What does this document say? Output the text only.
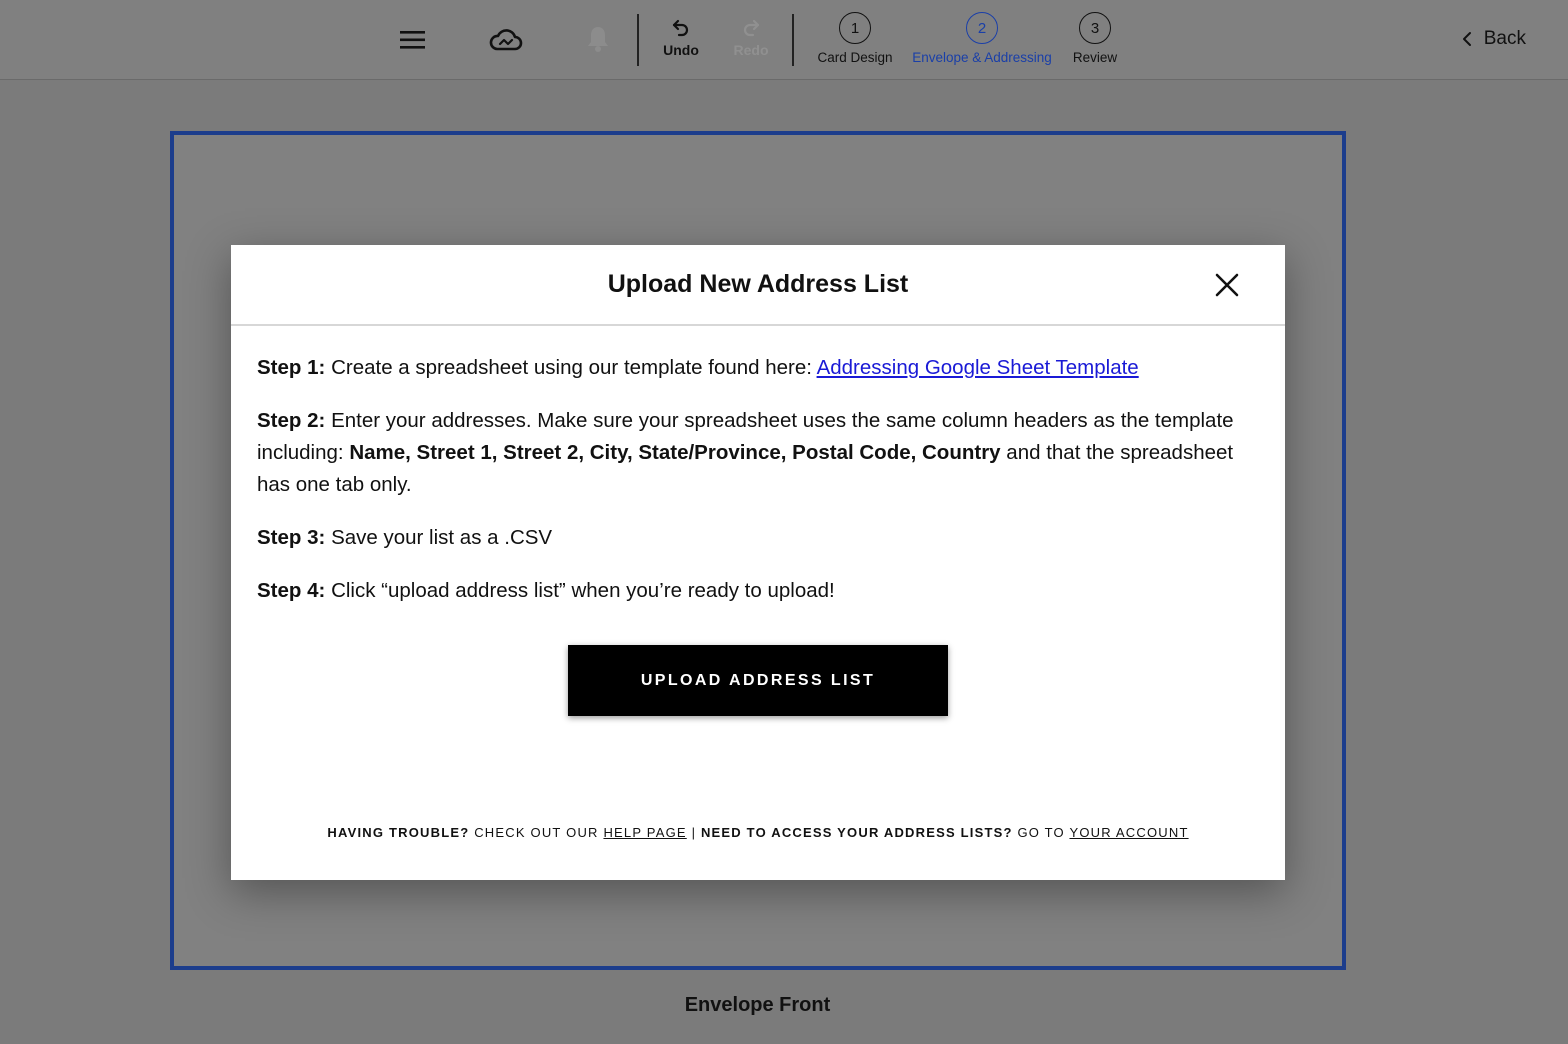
Undo Redo
1
Card Design
2
Envelope & Addressing
3
Review
Back
Envelope Front
Upload New Address List

Step 1: Create a spreadsheet using our template found here: Addressing Google Sheet Template

Step 2: Enter your addresses. Make sure your spreadsheet uses the same column headers as the template including: Name, Street 1, Street 2, City, State/Province, Postal Code, Country and that the spreadsheet has one tab only.

Step 3: Save your list as a .CSV

Step 4: Click “upload address list” when you’re ready to upload!

UPLOAD ADDRESS LIST
HAVING TROUBLE? CHECK OUT OUR HELP PAGE | NEED TO ACCESS YOUR ADDRESS LISTS? GO TO YOUR ACCOUNT
